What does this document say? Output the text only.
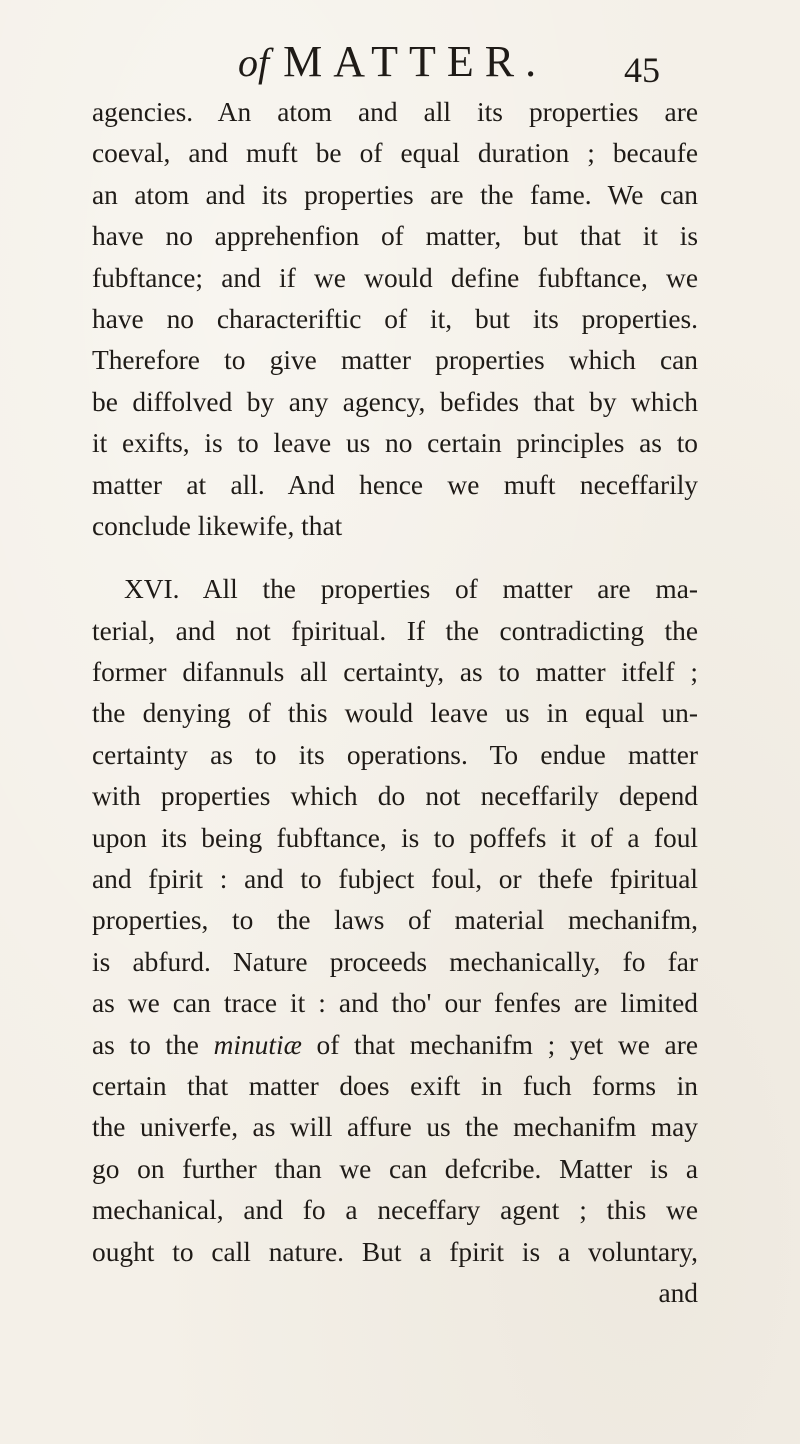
of MATTER. 45
agencies. An atom and all its properties are
coeval, and muft be of equal duration ; becaufe
an atom and its properties are the fame. We can
have no apprehenfion of matter, but that it is
fubftance; and if we would define fubftance, we
have no characteriftic of it, but its properties.
Therefore to give matter properties which can
be diffolved by any agency, befides that by which
it exifts, is to leave us no certain principles as to
matter at all. And hence we muft neceffarily
conclude likewife, that
XVI. All the properties of matter are ma-
terial, and not fpiritual. If the contradicting the
former difannuls all certainty, as to matter itfelf ;
the denying of this would leave us in equal un-
certainty as to its operations. To endue matter
with properties which do not neceffarily depend
upon its being fubftance, is to poffefs it of a foul
and fpirit : and to fubject foul, or thefe fpiritual
properties, to the laws of material mechanifm,
is abfurd. Nature proceeds mechanically, fo far
as we can trace it : and tho' our fenfes are limited
as to the minutiæ of that mechanifm ; yet we are
certain that matter does exift in fuch forms in
the univerfe, as will affure us the mechanifm may
go on further than we can defcribe. Matter is a
mechanical, and fo a neceffary agent ; this we
ought to call nature. But a fpirit is a voluntary,
and
